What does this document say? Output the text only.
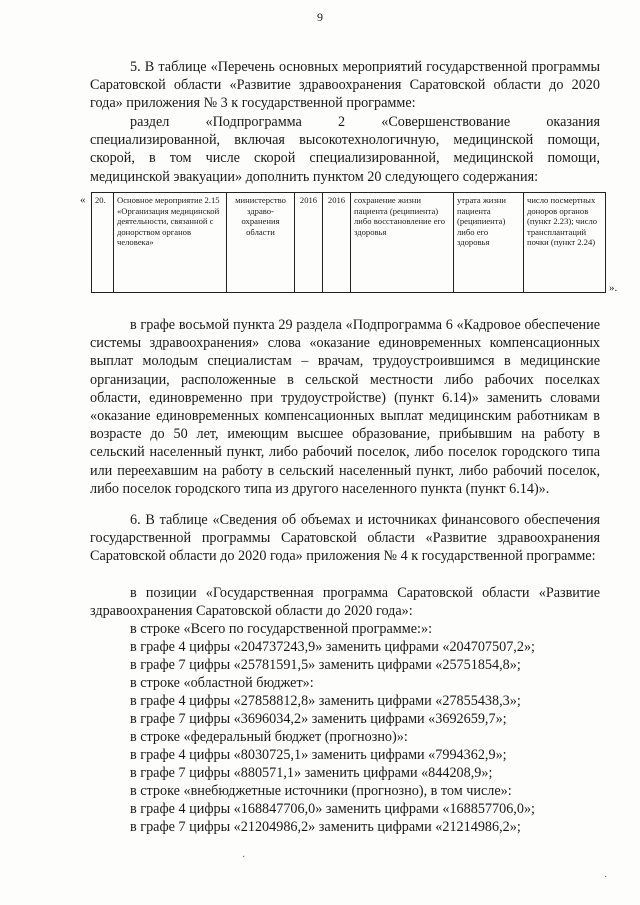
9

5. В таблице «Перечень основных мероприятий государственной программы Саратовской области «Развитие здравоохранения Саратовской области до 2020 года» приложения № 3 к государственной программе:

раздел «Подпрограмма 2 «Совершенствование оказания специализированной, включая высокотехнологичную, медицинской помощи, скорой, в том числе скорой специализированной, медицинской помощи, медицинской эвакуации» дополнить пунктом 20 следующего содержания:

« 20.	Основное мероприятие 2.15 «Организация медицинской деятельности, связанной с донорством органов человека»	министерство здраво-охранения области	2016	2016	сохранение жизни пациента (реципиента) либо восстановление его здоровья	утрата жизни пациента (реципиента) либо его здоровья	число посмертных доноров органов (пункт 2.23); число трансплантаций почки (пункт 2.24)
».

в графе восьмой пункта 29 раздела «Подпрограмма 6 «Кадровое обеспечение системы здравоохранения» слова «оказание единовременных компенсационных выплат молодым специалистам – врачам, трудоустроившимся в медицинские организации, расположенные в сельской местности либо рабочих поселках области, единовременно при трудоустройстве) (пункт 6.14)» заменить словами «оказание единовременных компенсационных выплат медицинским работникам в возрасте до 50 лет, имеющим высшее образование, прибывшим на работу в сельский населенный пункт, либо рабочий поселок, либо поселок городского типа или переехавшим на работу в сельский населенный пункт, либо рабочий поселок, либо поселок городского типа из другого населенного пункта (пункт 6.14)».

6. В таблице «Сведения об объемах и источниках финансового обеспечения государственной программы Саратовской области «Развитие здравоохранения Саратовской области до 2020 года» приложения № 4 к государственной программе:

в позиции «Государственная программа Саратовской области «Развитие здравоохранения Саратовской области до 2020 года»:

в строке «Всего по государственной программе:»:
в графе 4 цифры «204737243,9» заменить цифрами «204707507,2»;
в графе 7 цифры «25781591,5» заменить цифрами «25751854,8»;
в строке «областной бюджет»:
в графе 4 цифры «27858812,8» заменить цифрами «27855438,3»;
в графе 7 цифры «3696034,2» заменить цифрами «3692659,7»;
в строке «федеральный бюджет (прогнозно)»:
в графе 4 цифры «8030725,1» заменить цифрами «7994362,9»;
в графе 7 цифры «880571,1» заменить цифрами «844208,9»;
в строке «внебюджетные источники (прогнозно), в том числе»:
в графе 4 цифры «168847706,0» заменить цифрами «168857706,0»;
в графе 7 цифры «21204986,2» заменить цифрами «21214986,2»;
·
·
